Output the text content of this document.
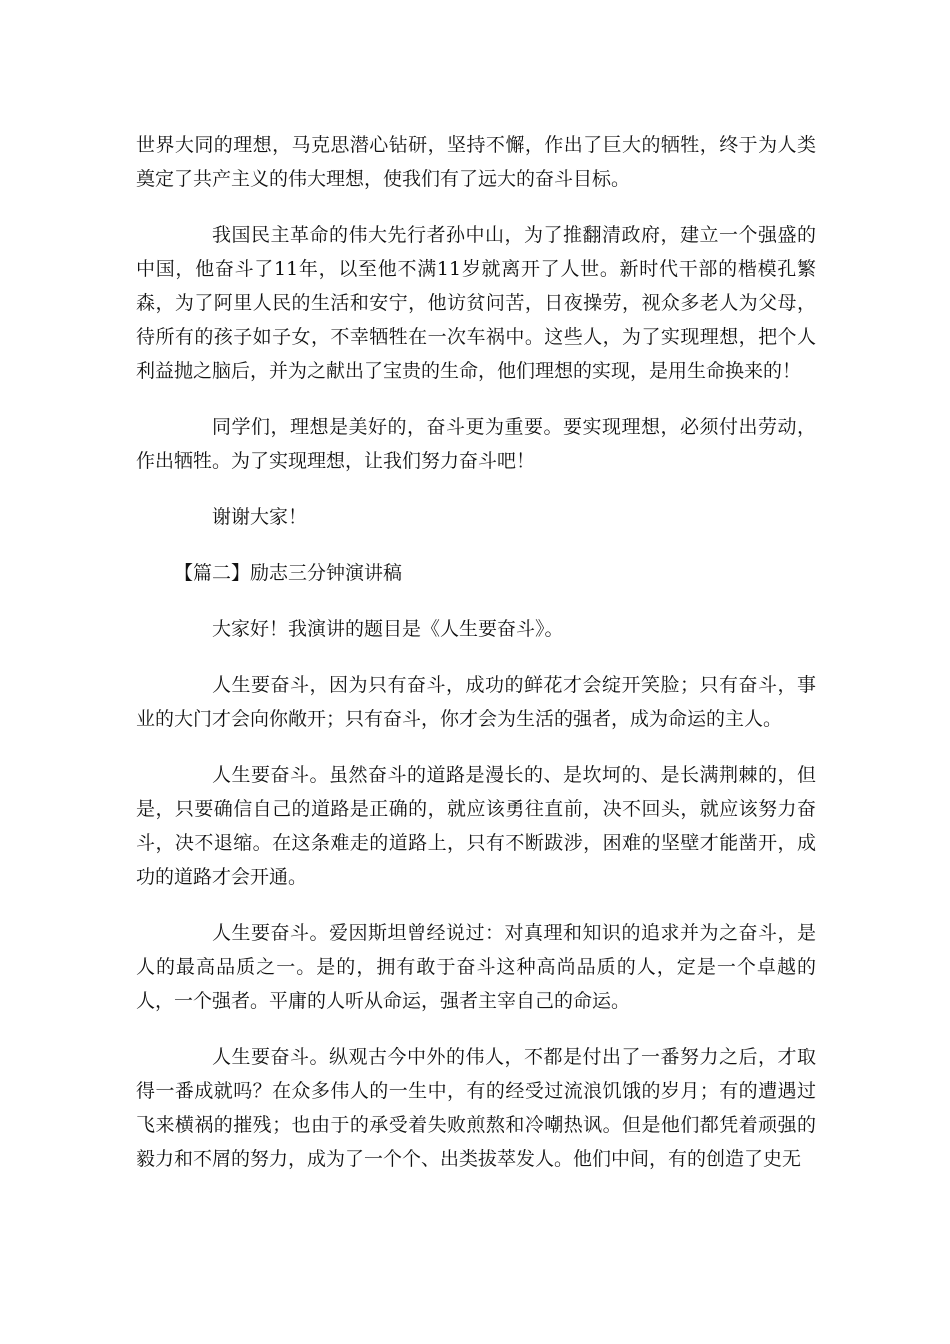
世界大同的理想，马克思潜心钻研，坚持不懈，作出了巨大的牺牲，终于为人类奠定了共产主义的伟大理想，使我们有了远大的奋斗目标。

我国民主革命的伟大先行者孙中山，为了推翻清政府，建立一个强盛的中国，他奋斗了11年，以至他不满11岁就离开了人世。新时代干部的楷模孔繁森，为了阿里人民的生活和安宁，他访贫问苦，日夜操劳，视众多老人为父母，待所有的孩子如子女，不幸牺牲在一次车祸中。这些人，为了实现理想，把个人利益抛之脑后，并为之献出了宝贵的生命，他们理想的实现，是用生命换来的！

同学们，理想是美好的，奋斗更为重要。要实现理想，必须付出劳动，作出牺牲。为了实现理想，让我们努力奋斗吧！

谢谢大家！

【篇二】励志三分钟演讲稿

大家好！我演讲的题目是《人生要奋斗》。

人生要奋斗，因为只有奋斗，成功的鲜花才会绽开笑脸；只有奋斗，事业的大门才会向你敞开；只有奋斗，你才会为生活的强者，成为命运的主人。

人生要奋斗。虽然奋斗的道路是漫长的、是坎坷的、是长满荆棘的，但是，只要确信自己的道路是正确的，就应该勇往直前，决不回头，就应该努力奋斗，决不退缩。在这条难走的道路上，只有不断跋涉，困难的坚壁才能凿开，成功的道路才会开通。

人生要奋斗。爱因斯坦曾经说过：对真理和知识的追求并为之奋斗，是人的最高品质之一。是的，拥有敢于奋斗这种高尚品质的人，定是一个卓越的人，一个强者。平庸的人听从命运，强者主宰自己的命运。

人生要奋斗。纵观古今中外的伟人，不都是付出了一番努力之后，才取得一番成就吗？在众多伟人的一生中，有的经受过流浪饥饿的岁月；有的遭遇过飞来横祸的摧残；也由于的承受着失败煎熬和冷嘲热讽。但是他们都凭着顽强的毅力和不屑的努力，成为了一个个、出类拔萃发人。他们中间，有的创造了史无
